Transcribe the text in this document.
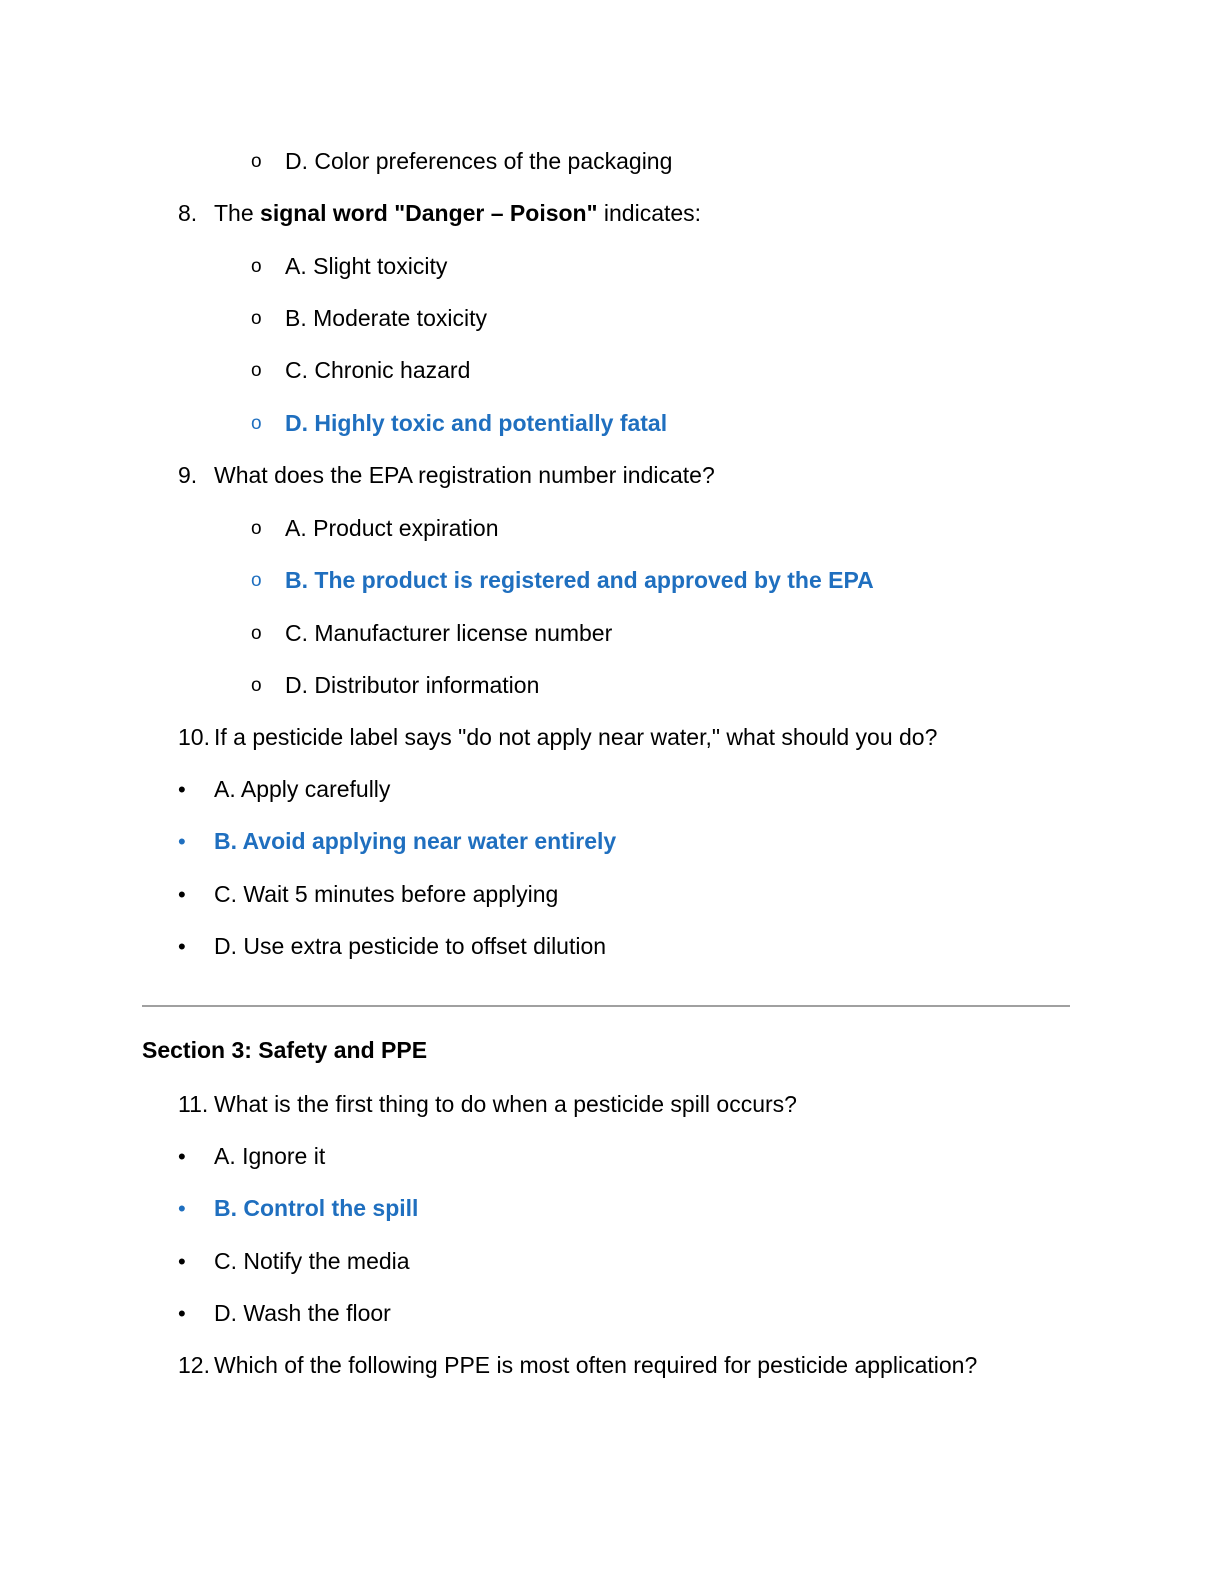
o D. Color preferences of the packaging
8. The signal word "Danger – Poison" indicates:
o A. Slight toxicity
o B. Moderate toxicity
o C. Chronic hazard
o D. Highly toxic and potentially fatal
9. What does the EPA registration number indicate?
o A. Product expiration
o B. The product is registered and approved by the EPA
o C. Manufacturer license number
o D. Distributor information
10. If a pesticide label says "do not apply near water," what should you do?
• A. Apply carefully
• B. Avoid applying near water entirely
• C. Wait 5 minutes before applying
• D. Use extra pesticide to offset dilution
Section 3: Safety and PPE
11. What is the first thing to do when a pesticide spill occurs?
• A. Ignore it
• B. Control the spill
• C. Notify the media
• D. Wash the floor
12. Which of the following PPE is most often required for pesticide application?
